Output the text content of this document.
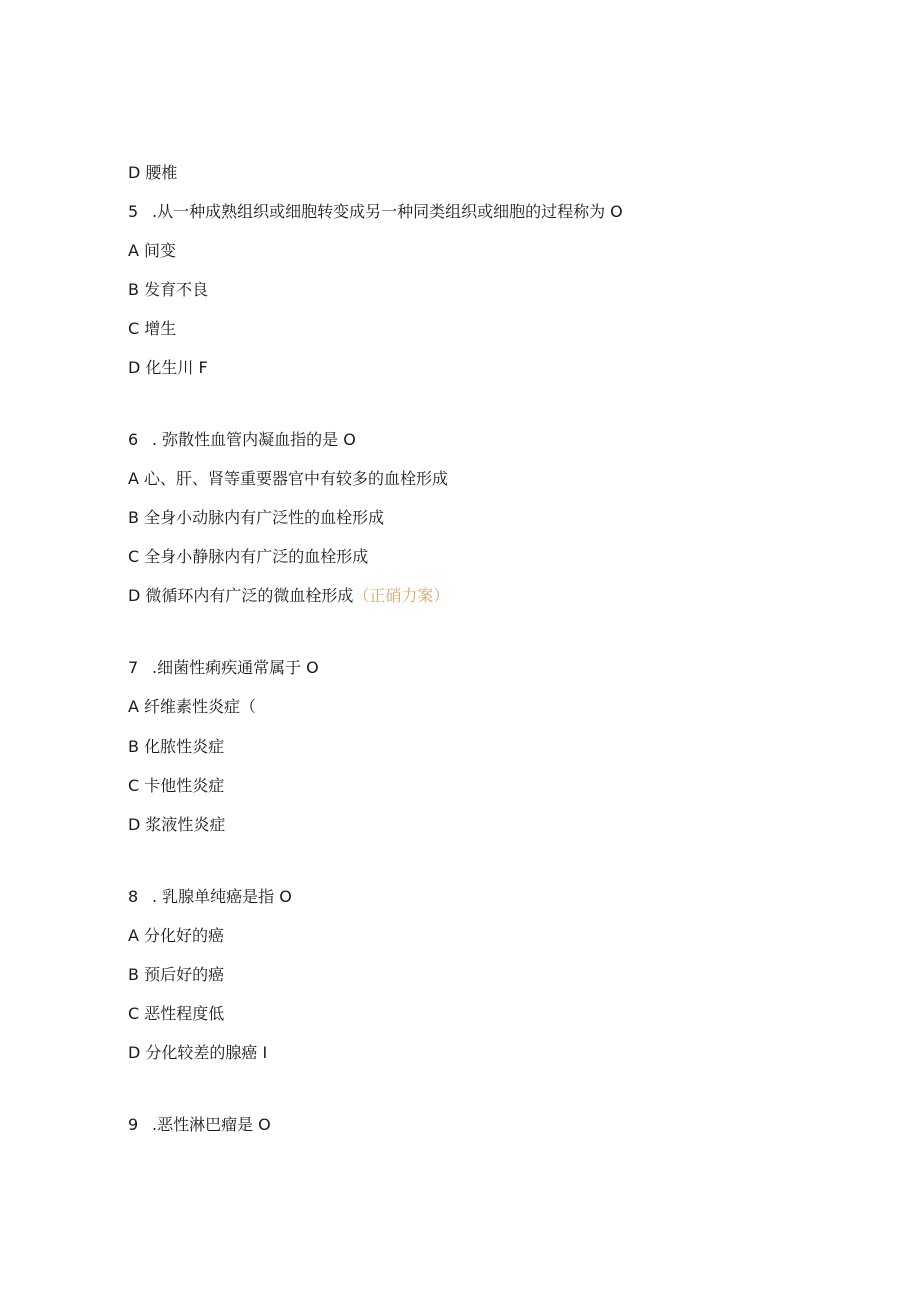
D 腰椎
5 .从一种成熟组织或细胞转变成另一种同类组织或细胞的过程称为 O
A 间变
B 发育不良
C 增生
D 化生川 F
6 . 弥散性血管内凝血指的是 O
A 心、肝、肾等重要器官中有较多的血栓形成
B 全身小动脉内有广泛性的血栓形成
C 全身小静脉内有广泛的血栓形成
D 微循环内有广泛的微血栓形成（正硝力案）
7 .细菌性痢疾通常属于 O
A 纤维素性炎症（
B 化脓性炎症
C 卡他性炎症
D 浆液性炎症
8 . 乳腺单纯癌是指 O
A 分化好的癌
B 预后好的癌
C 恶性程度低
D 分化较差的腺癌 I
9 .恶性淋巴瘤是 O
